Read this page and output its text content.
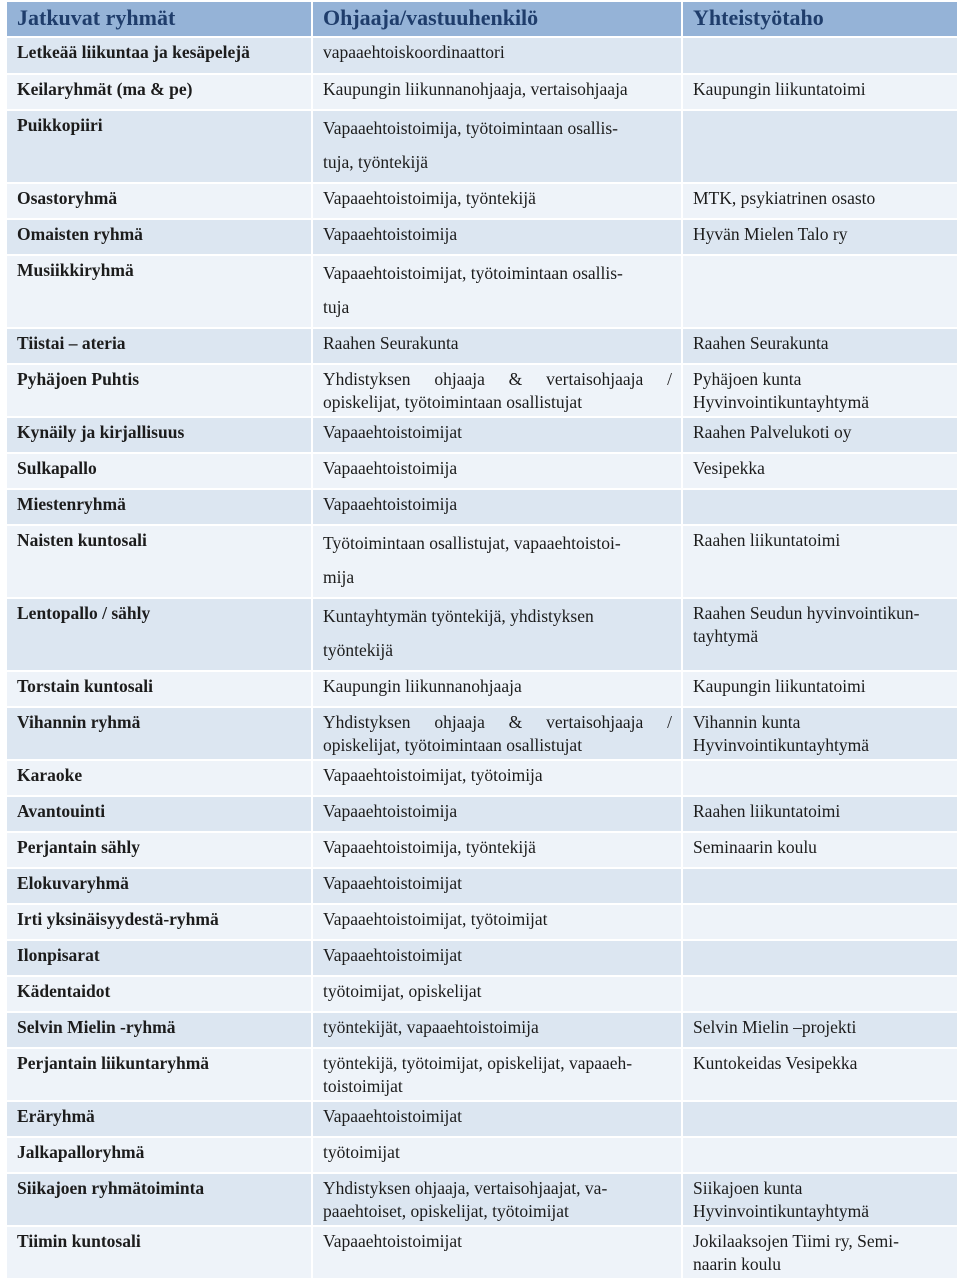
Jatkuvat ryhmät	Ohjaaja/vastuuhenkilö	Yhteistyötaho
Letkeää liikuntaa ja kesäpelejä	vapaaehtoiskoordinaattori	
Keilaryhmät (ma & pe)	Kaupungin liikunnanohjaaja, vertaisohjaaja	Kaupungin liikuntatoimi
Puikkopiiri	Vapaaehtoistoimija, työtoimintaan osallis-
tuja, työntekijä	
Osastoryhmä	Vapaaehtoistoimija, työntekijä	MTK, psykiatrinen osasto
Omaisten ryhmä	Vapaaehtoistoimija	Hyvän Mielen Talo ry
Musiikkiryhmä	Vapaaehtoistoimijat, työtoimintaan osallis-
tuja	
Tiistai – ateria	Raahen Seurakunta	Raahen Seurakunta
Pyhäjoen Puhtis	Yhdistyksen ohjaaja & vertaisohjaaja / opiskelijat, työtoimintaan osallistujat	Pyhäjoen kunta
Hyvinvointikuntayhtymä
Kynäily ja kirjallisuus	Vapaaehtoistoimijat	Raahen Palvelukoti oy
Sulkapallo	Vapaaehtoistoimija	Vesipekka
Miestenryhmä	Vapaaehtoistoimija	
Naisten kuntosali	Työtoimintaan osallistujat, vapaaehtoistoi-
mija	Raahen liikuntatoimi
Lentopallo / sähly	Kuntayhtymän työntekijä, yhdistyksen
työntekijä	Raahen Seudun hyvinvointikun-
tayhtymä
Torstain kuntosali	Kaupungin liikunnanohjaaja	Kaupungin liikuntatoimi
Vihannin ryhmä	Yhdistyksen ohjaaja & vertaisohjaaja / opiskelijat, työtoimintaan osallistujat	Vihannin kunta
Hyvinvointikuntayhtymä
Karaoke	Vapaaehtoistoimijat, työtoimija	
Avantouinti	Vapaaehtoistoimija	Raahen liikuntatoimi
Perjantain sähly	Vapaaehtoistoimija, työntekijä	Seminaarin koulu
Elokuvaryhmä	Vapaaehtoistoimijat	
Irti yksinäisyydestä-ryhmä	Vapaaehtoistoimijat, työtoimijat	
Ilonpisarat	Vapaaehtoistoimijat	
Kädentaidot	työtoimijat, opiskelijat	
Selvin Mielin -ryhmä	työntekijät, vapaaehtoistoimija	Selvin Mielin –projekti
Perjantain liikuntaryhmä	työntekijä, työtoimijat, opiskelijat, vapaaeh-
toistoimijat	Kuntokeidas Vesipekka
Eräryhmä	Vapaaehtoistoimijat	
Jalkapalloryhmä	työtoimijat	
Siikajoen ryhmätoiminta	Yhdistyksen ohjaaja, vertaisohjaajat, va-
paaehtoiset, opiskelijat, työtoimijat	Siikajoen kunta
Hyvinvointikuntayhtymä
Tiimin kuntosali	Vapaaehtoistoimijat	Jokilaaksojen Tiimi ry, Semi-
naarin koulu
